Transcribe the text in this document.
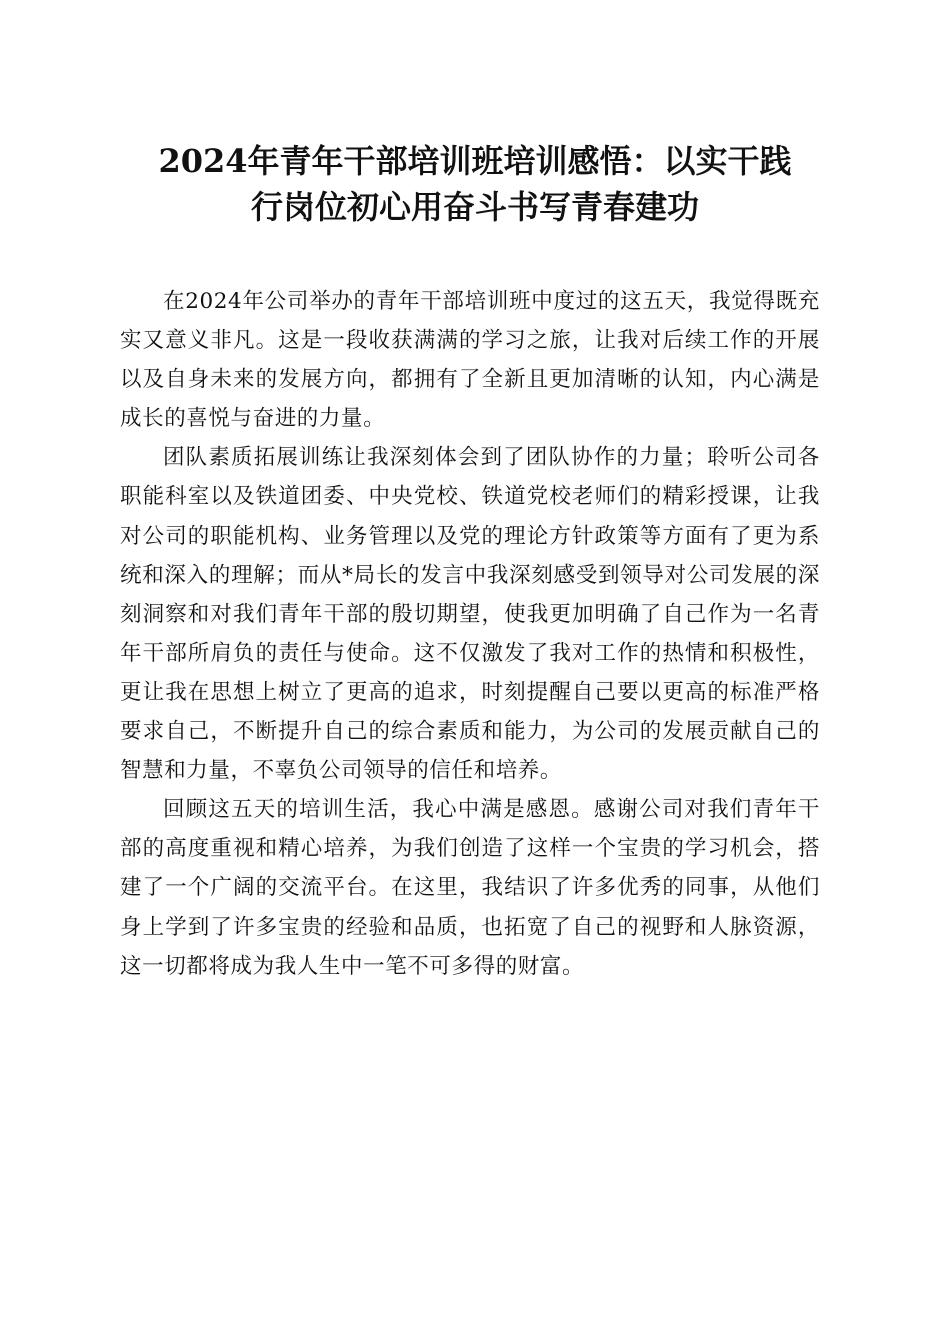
2024年青年干部培训班培训感悟：以实干践
行岗位初心用奋斗书写青春建功

在2024年公司举办的青年干部培训班中度过的这五天，我觉得既充实又意义非凡。这是一段收获满满的学习之旅，让我对后续工作的开展以及自身未来的发展方向，都拥有了全新且更加清晰的认知，内心满是成长的喜悦与奋进的力量。

团队素质拓展训练让我深刻体会到了团队协作的力量；聆听公司各职能科室以及铁道团委、中央党校、铁道党校老师们的精彩授课，让我对公司的职能机构、业务管理以及党的理论方针政策等方面有了更为系统和深入的理解；而从*局长的发言中我深刻感受到领导对公司发展的深刻洞察和对我们青年干部的殷切期望，使我更加明确了自己作为一名青年干部所肩负的责任与使命。这不仅激发了我对工作的热情和积极性，更让我在思想上树立了更高的追求，时刻提醒自己要以更高的标准严格要求自己，不断提升自己的综合素质和能力，为公司的发展贡献自己的智慧和力量，不辜负公司领导的信任和培养。

回顾这五天的培训生活，我心中满是感恩。感谢公司对我们青年干部的高度重视和精心培养，为我们创造了这样一个宝贵的学习机会，搭建了一个广阔的交流平台。在这里，我结识了许多优秀的同事，从他们身上学到了许多宝贵的经验和品质，也拓宽了自己的视野和人脉资源，这一切都将成为我人生中一笔不可多得的财富。
